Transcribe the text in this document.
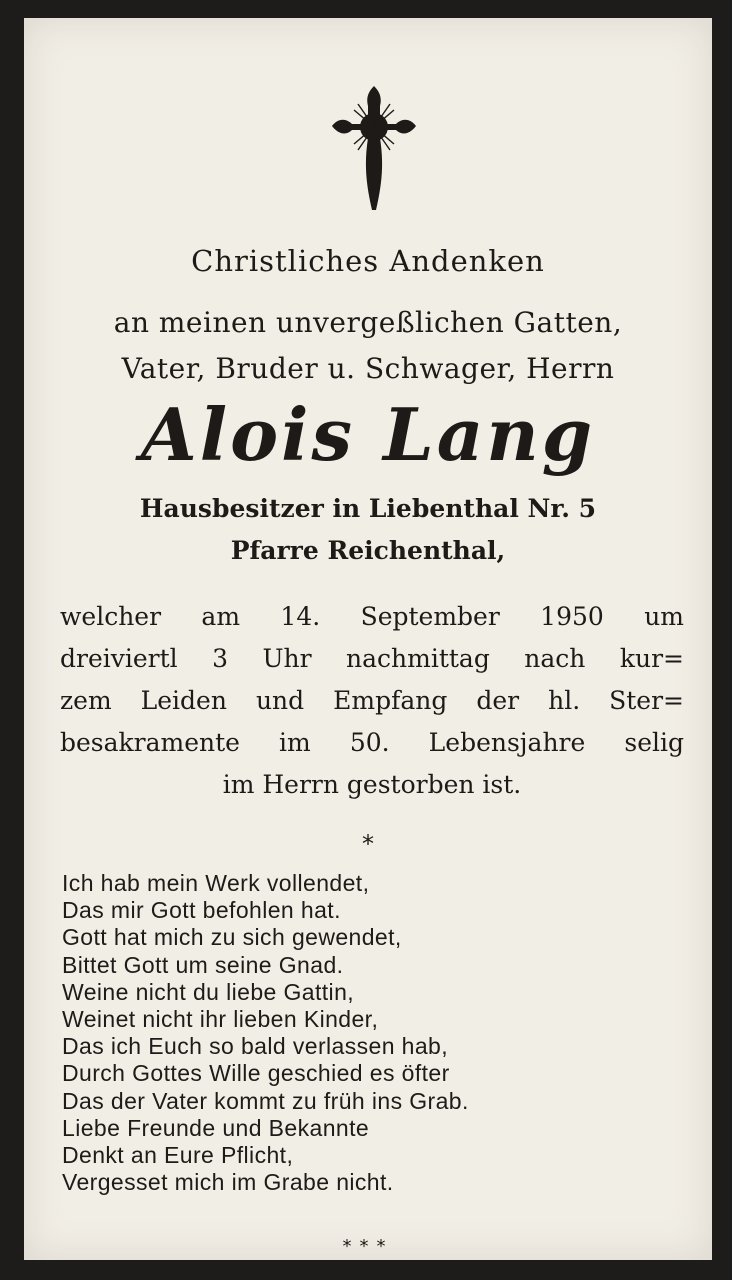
Christliches Andenken
an meinen unvergeßlichen Gatten,
Vater, Bruder u. Schwager, Herrn
Alois Lang
Hausbesitzer in Liebenthal Nr. 5
Pfarre Reichenthal,
welcher am 14. September 1950 um
dreiviertl 3 Uhr nachmittag nach kur=
zem Leiden und Empfang der hl. Ster=
besakramente im 50. Lebensjahre selig
im Herrn gestorben ist.
*
Ich hab mein Werk vollendet,
Das mir Gott befohlen hat.
Gott hat mich zu sich gewendet,
Bittet Gott um seine Gnad.
Weine nicht du liebe Gattin,
Weinet nicht ihr lieben Kinder,
Das ich Euch so bald verlassen hab,
Durch Gottes Wille geschied es öfter
Das der Vater kommt zu früh ins Grab.
Liebe Freunde und Bekannte
Denkt an Eure Pflicht,
Vergesset mich im Grabe nicht.
***
